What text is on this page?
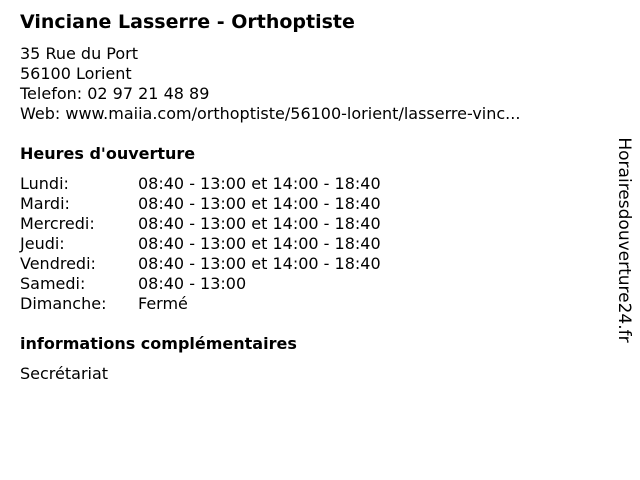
Vinciane Lasserre - Orthoptiste
35 Rue du Port
56100 Lorient
Telefon: 02 97 21 48 89
Web: www.maiia.com/orthoptiste/56100-lorient/lasserre-vinc...
Heures d'ouverture
Lundi:	08:40 - 13:00 et 14:00 - 18:40
Mardi:	08:40 - 13:00 et 14:00 - 18:40
Mercredi:	08:40 - 13:00 et 14:00 - 18:40
Jeudi:	08:40 - 13:00 et 14:00 - 18:40
Vendredi:	08:40 - 13:00 et 14:00 - 18:40
Samedi:	08:40 - 13:00
Dimanche: Fermé
informations complémentaires
Secrétariat
Horairesdouverture24.fr
